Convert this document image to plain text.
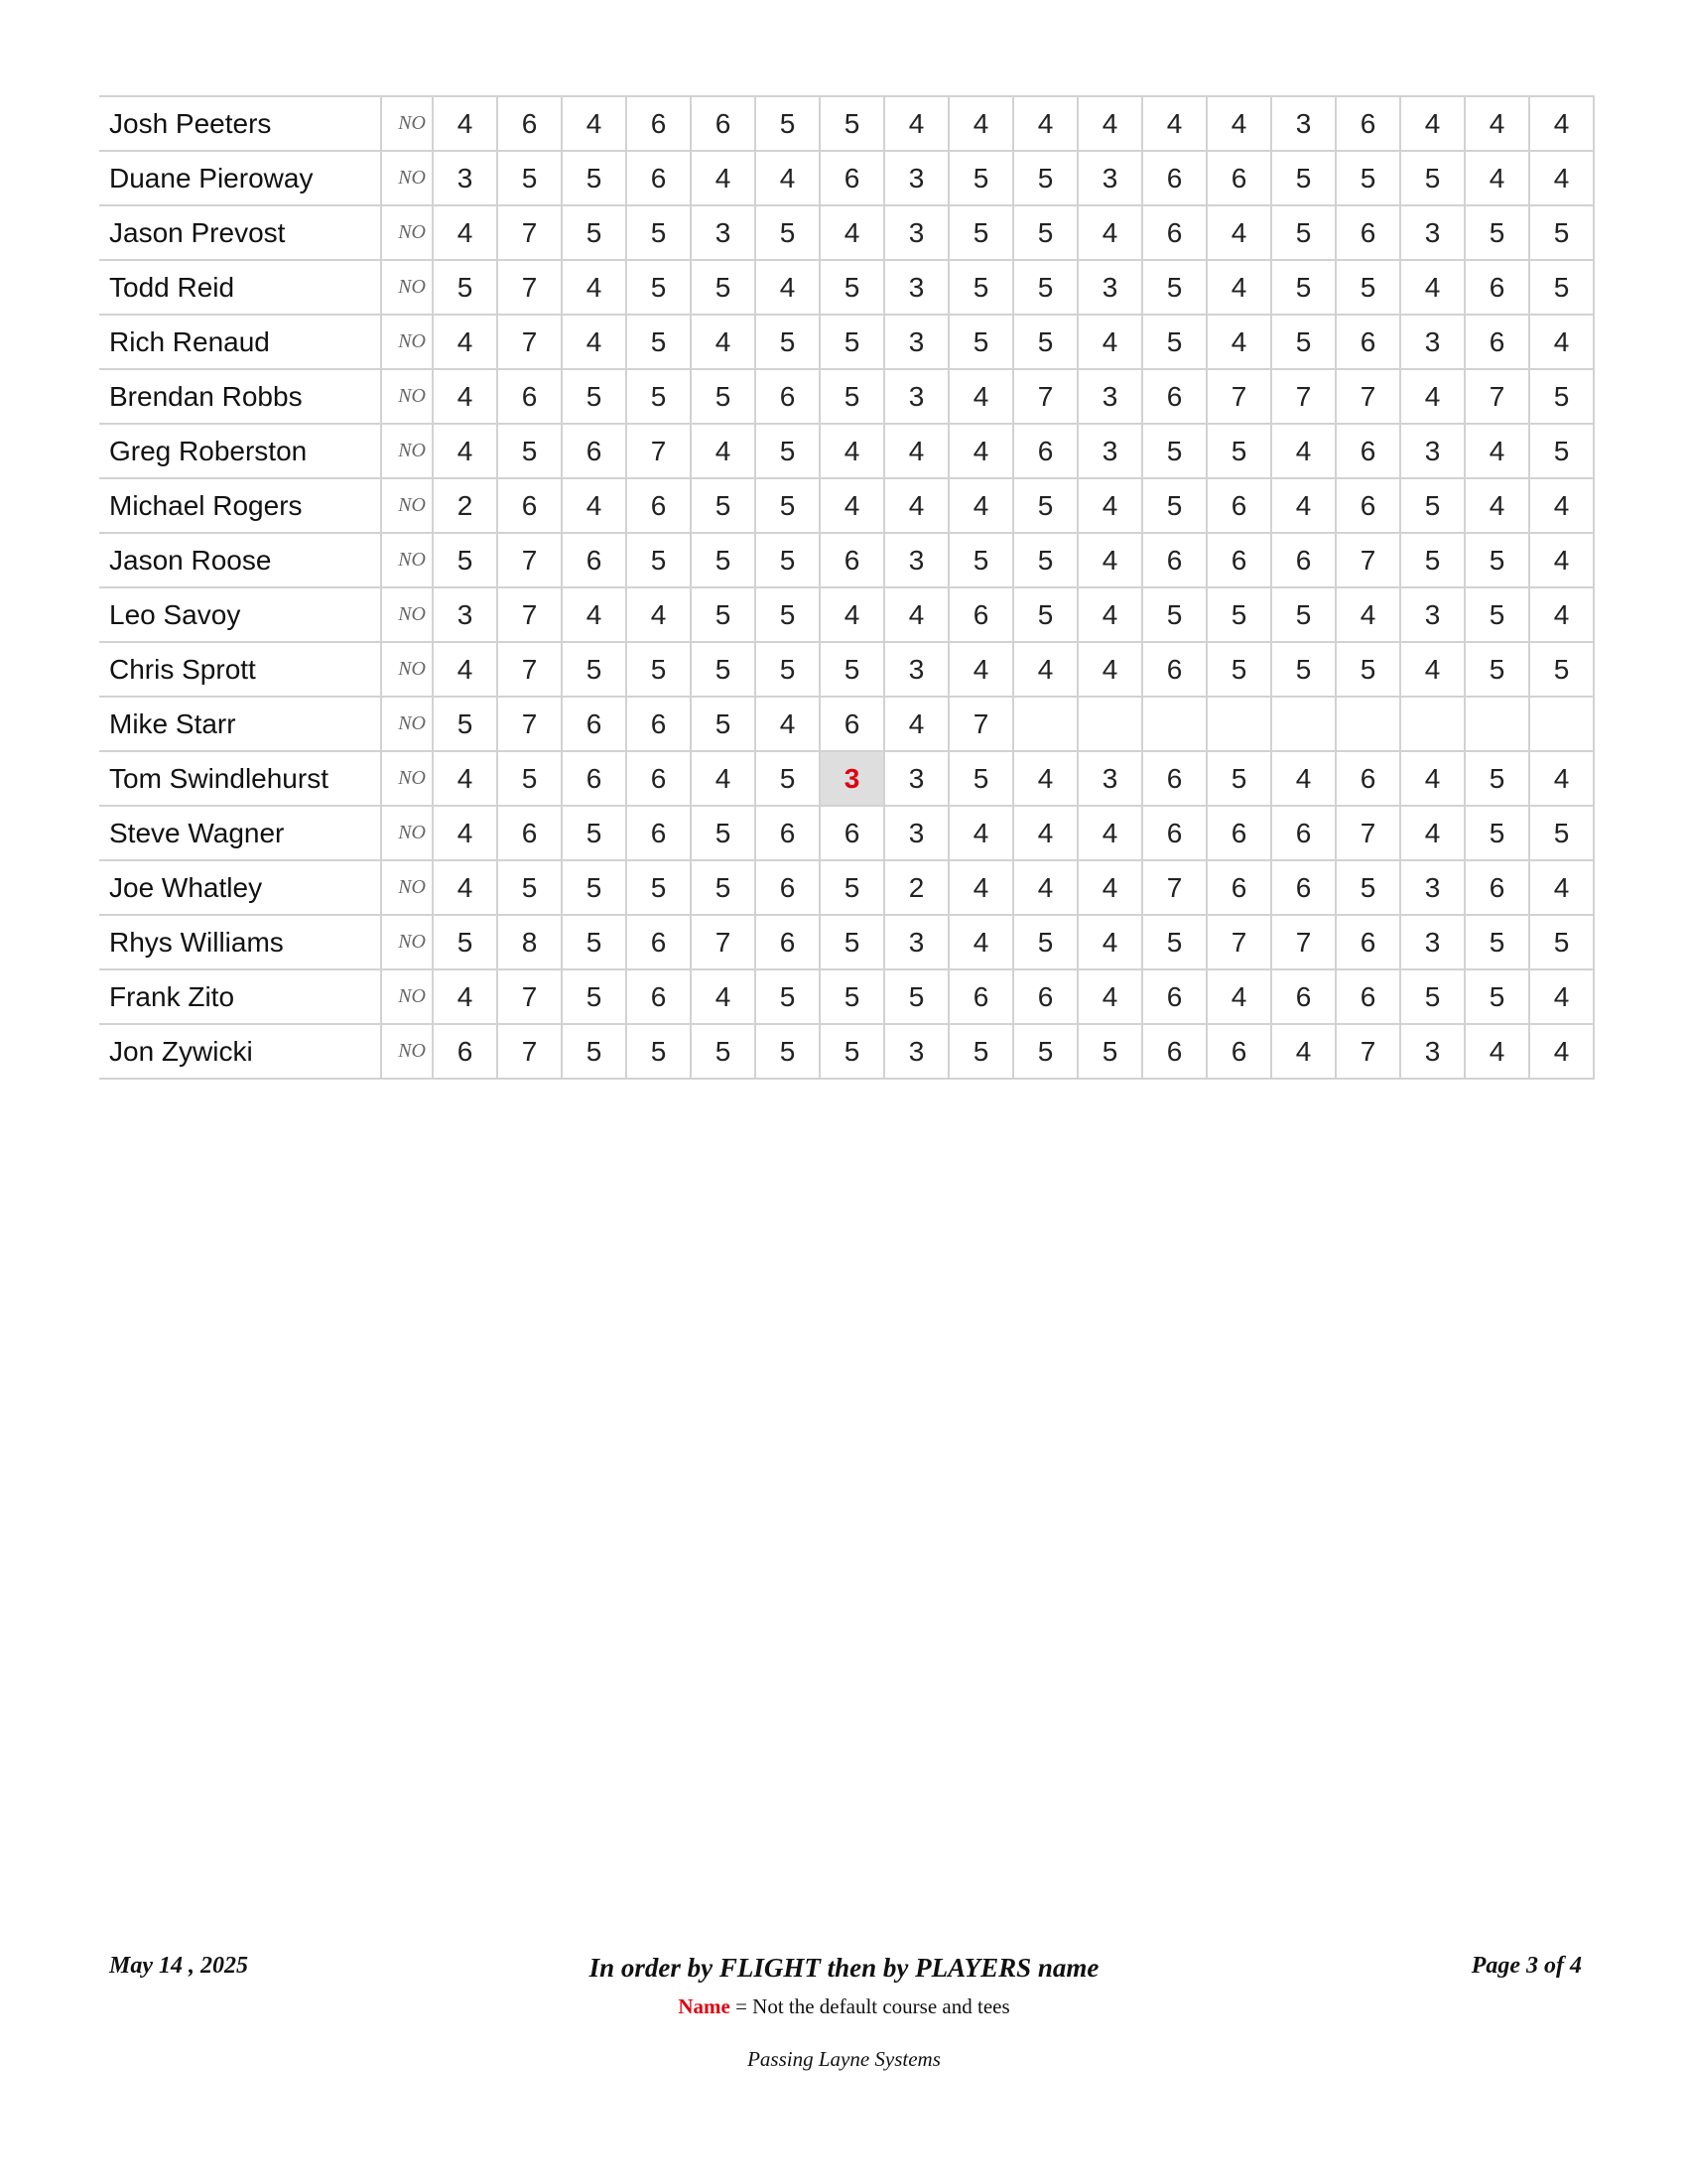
Josh Peeters	NO	4	6	4	6	6	5	5	4	4	4	4	4	4	3	6	4	4	4
Duane Pieroway	NO	3	5	5	6	4	4	6	3	5	5	3	6	6	5	5	5	4	4
Jason Prevost	NO	4	7	5	5	3	5	4	3	5	5	4	6	4	5	6	3	5	5
Todd Reid	NO	5	7	4	5	5	4	5	3	5	5	3	5	4	5	5	4	6	5
Rich Renaud	NO	4	7	4	5	4	5	5	3	5	5	4	5	4	5	6	3	6	4
Brendan Robbs	NO	4	6	5	5	5	6	5	3	4	7	3	6	7	7	7	4	7	5
Greg Roberston	NO	4	5	6	7	4	5	4	4	4	6	3	5	5	4	6	3	4	5
Michael Rogers	NO	2	6	4	6	5	5	4	4	4	5	4	5	6	4	6	5	4	4
Jason Roose	NO	5	7	6	5	5	5	6	3	5	5	4	6	6	6	7	5	5	4
Leo Savoy	NO	3	7	4	4	5	5	4	4	6	5	4	5	5	5	4	3	5	4
Chris Sprott	NO	4	7	5	5	5	5	5	3	4	4	4	6	5	5	5	4	5	5
Mike Starr	NO	5	7	6	6	5	4	6	4	7									
Tom Swindlehurst	NO	4	5	6	6	4	5	3	3	5	4	3	6	5	4	6	4	5	4
Steve Wagner	NO	4	6	5	6	5	6	6	3	4	4	4	6	6	6	7	4	5	5
Joe Whatley	NO	4	5	5	5	5	6	5	2	4	4	4	7	6	6	5	3	6	4
Rhys Williams	NO	5	8	5	6	7	6	5	3	4	5	4	5	7	7	6	3	5	5
Frank Zito	NO	4	7	5	6	4	5	5	5	6	6	4	6	4	6	6	5	5	4
Jon Zywicki	NO	6	7	5	5	5	5	5	3	5	5	5	6	6	4	7	3	4	4
May 14 , 2025	In order by FLIGHT then by PLAYERS name	Page 3 of 4
Name = Not the default course and tees
Passing Layne Systems
